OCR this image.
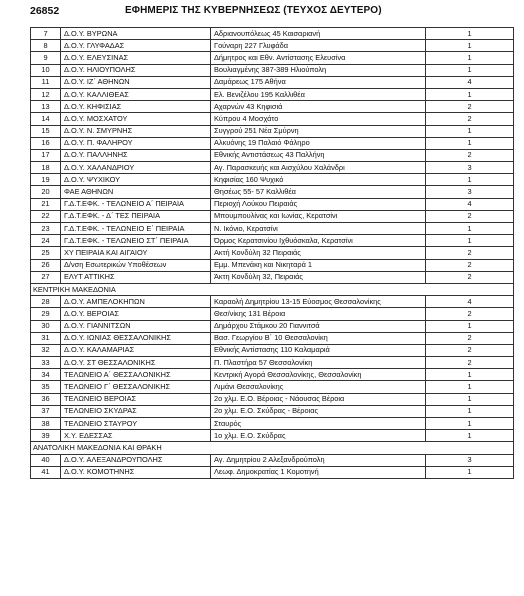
26852	ΕΦΗΜΕΡΙΣ ΤΗΣ ΚΥΒΕΡΝΗΣΕΩΣ (ΤΕΥΧΟΣ ΔΕΥΤΕΡΟ)
7	Δ.Ο.Υ. ΒΥΡΩΝΑ	Αδριανουπόλεως 45 Καισαριανή	1
8	Δ.Ο.Υ. ΓΛΥΦΑΔΑΣ	Γούναρη 227 Γλυφάδα	1
9	Δ.Ο.Υ. ΕΛΕΥΣΙΝΑΣ	Δήμητρος και Εθν. Αντίστασης Ελευσίνα	1
10	Δ.Ο.Υ. ΗΛΙΟΥΠΟΛΗΣ	Βουλιαγμένης 387-389 Ηλιούπολη	1
11	Δ.Ο.Υ. ΙΖ΄ ΑΘΗΝΩΝ	Δαμάρεως 175 Αθήνα	4
12	Δ.Ο.Υ. ΚΑΛΛΙΘΕΑΣ	Ελ. Βενιζέλου 195 Καλλιθέα	1
13	Δ.Ο.Υ. ΚΗΦΙΣΙΑΣ	Αχαρνών 43 Κηφισιά	2
14	Δ.Ο.Υ. ΜΟΣΧΑΤΟΥ	Κύπρου 4 Μοσχάτο	2
15	Δ.Ο.Υ. Ν. ΣΜΥΡΝΗΣ	Συγγρού 251 Νέα Σμύρνη	1
16	Δ.Ο.Υ. Π. ΦΑΛΗΡΟΥ	Αλκυόνης 19 Παλαιό Φάληρο	1
17	Δ.Ο.Υ. ΠΑΛΛΗΝΗΣ	Εθνικής Αντιστάσεως 43 Παλλήνη	2
18	Δ.Ο.Υ. ΧΑΛΑΝΔΡΙΟΥ	Αγ. Παρασκευής και Αισχύλου Χαλάνδρι	3
19	Δ.Ο.Υ. ΨΥΧΙΚΟΥ	Κηφισίας 160 Ψυχικό	1
20	ΦΑΕ ΑΘΗΝΩΝ	Θησέως 55- 57 Καλλιθέα	3
21	Γ.Δ.Τ.ΕΦΚ. - ΤΕΛΩΝΕΙΟ Α΄ ΠΕΙΡΑΙΑ	Περιοχή Λούκου Πειραιάς	4
22	Γ.Δ.Τ.ΕΦΚ. - Δ΄ ΤΕΣ ΠΕΙΡΑΙΑ	Μπουμπουλίνας και Ιωνίας, Κερατσίνι	2
23	Γ.Δ.Τ.ΕΦΚ. - ΤΕΛΩΝΕΙΟ Ε΄ ΠΕΙΡΑΙΑ	Ν. Ικόνιο, Κερατσίνι	1
24	Γ.Δ.Τ.ΕΦΚ. - ΤΕΛΩΝΕΙΟ ΣΤ΄ ΠΕΙΡΑΙΑ	Όρμος Κερατσινίου Ιχθυόσκαλα, Κερατσίνι	1
25	ΧΥ ΠΕΙΡΑΙΑ ΚΑΙ ΑΙΓΑΙΟΥ	Ακτή Κονδύλη 32 Πειραιάς	2
26	Δ/νση Εσωτερικών Υποθέσεων	Εμμ. Μπενάκη και Νικηταρά 1	2
27	ΕΛΥΤ ΑΤΤΙΚΗΣ	Άκτη Κονδύλη 32, Πειραιάς	2
ΚΕΝΤΡΙΚΗ ΜΑΚΕΔΟΝΙΑ			
28	Δ.Ο.Υ. ΑΜΠΕΛΟΚΗΠΩΝ	Καραολή Δημητρίου 13-15 Εύοσμος Θεσσαλονίκης	4
29	Δ.Ο.Υ. ΒΕΡΟΙΑΣ	Θεσ/νίκης 131 Βέροια	2
30	Δ.Ο.Υ. ΓΙΑΝΝΙΤΣΩΝ	Δημάρχου Στάμκου 20 Γιαννιτσά	1
31	Δ.Ο.Υ. ΙΩΝΙΑΣ ΘΕΣΣΑΛΟΝΙΚΗΣ	Βασ. Γεωργίου Β΄ 10 Θεσσαλονίκη	2
32	Δ.Ο.Υ. ΚΑΛΑΜΑΡΙΑΣ	Εθνικής Αντίστασης 110 Καλαμαριά	2
33	Δ.Ο.Υ. ΣΤ ΘΕΣΣΑΛΟΝΙΚΗΣ	Π. Πλαστήρα 57 Θεσσαλονίκη	2
34	ΤΕΛΩΝΕΙΟ Α΄ ΘΕΣΣΑΛΟΝΙΚΗΣ	Κεντρική Αγορά Θεσσαλονίκης, Θεσσαλονίκη	1
35	ΤΕΛΩΝΕΙΟ Γ΄ ΘΕΣΣΑΛΟΝΙΚΗΣ	Λιμάνι Θεσσαλονίκης	1
36	ΤΕΛΩΝΕΙΟ ΒΕΡΟΙΑΣ	2ο χλμ. Ε.Ο. Βέροιας - Νάουσας Βέροια	1
37	ΤΕΛΩΝΕΙΟ ΣΚΥΔΡΑΣ	2ο χλμ. Ε.Ο. Σκύδρας - Βέροιας	1
38	ΤΕΛΩΝΕΙΟ ΣΤΑΥΡΟΥ	Σταυρός	1
39	Χ.Υ. ΕΔΕΣΣΑΣ	1ο χλμ. Ε.Ο. Σκύδρας	1
ΑΝΑΤΟΛΙΚΗ ΜΑΚΕΔΟΝΙΑ ΚΑΙ ΘΡΑΚΗ			
40	Δ.Ο.Υ. ΑΛΕΞΑΝΔΡΟΥΠΟΛΗΣ	Αγ. Δημητρίου 2 Αλεξανδρούπολη	3
41	Δ.Ο.Υ. ΚΟΜΟΤΗΝΗΣ	Λεωφ. Δημοκρατίας 1 Κομοτηνή	1
